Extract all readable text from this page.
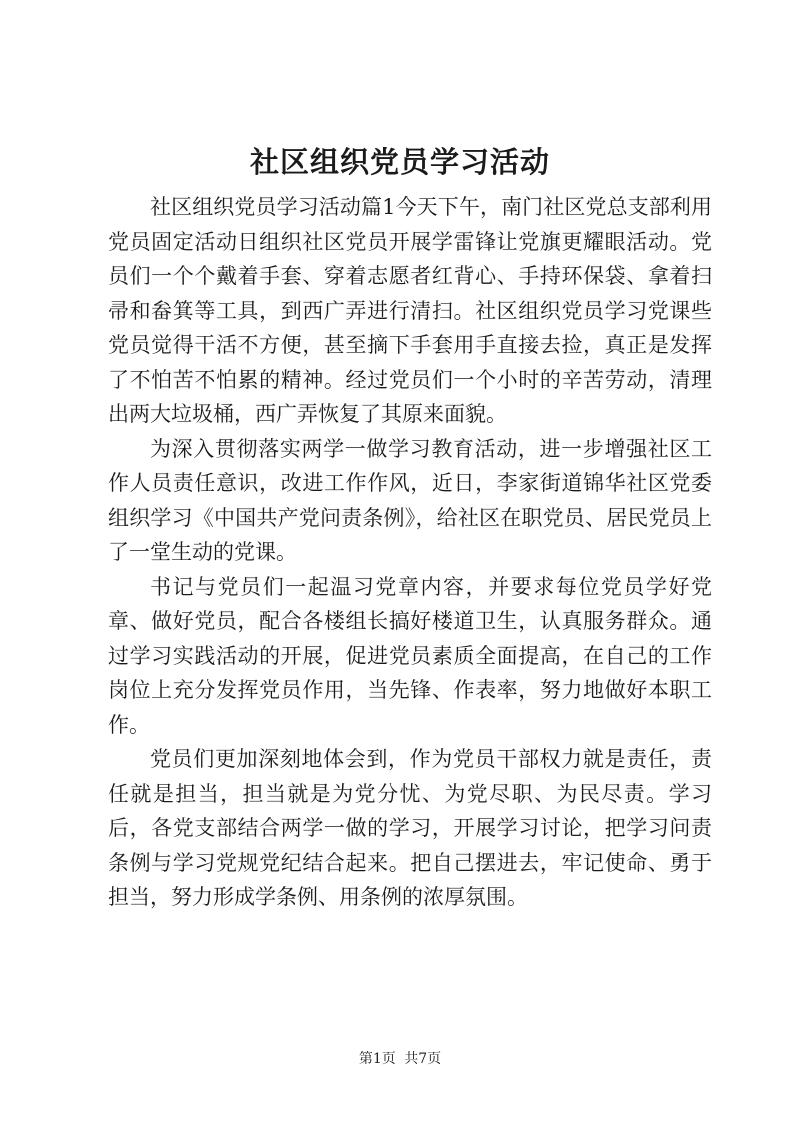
社区组织党员学习活动

社区组织党员学习活动篇1今天下午，南门社区党总支部利用党员固定活动日组织社区党员开展学雷锋让党旗更耀眼活动。党员们一个个戴着手套、穿着志愿者红背心、手持环保袋、拿着扫帚和畚箕等工具，到西广弄进行清扫。社区组织党员学习党课些党员觉得干活不方便，甚至摘下手套用手直接去捡，真正是发挥了不怕苦不怕累的精神。经过党员们一个小时的辛苦劳动，清理出两大垃圾桶，西广弄恢复了其原来面貌。

为深入贯彻落实两学一做学习教育活动，进一步增强社区工作人员责任意识，改进工作作风，近日，李家街道锦华社区党委组织学习《中国共产党问责条例》，给社区在职党员、居民党员上了一堂生动的党课。

书记与党员们一起温习党章内容，并要求每位党员学好党章、做好党员，配合各楼组长搞好楼道卫生，认真服务群众。通过学习实践活动的开展，促进党员素质全面提高，在自己的工作岗位上充分发挥党员作用，当先锋、作表率，努力地做好本职工作。

党员们更加深刻地体会到，作为党员干部权力就是责任，责任就是担当，担当就是为党分忧、为党尽职、为民尽责。学习后，各党支部结合两学一做的学习，开展学习讨论，把学习问责条例与学习党规党纪结合起来。把自己摆进去，牢记使命、勇于担当，努力形成学条例、用条例的浓厚氛围。

第1页 共7页
